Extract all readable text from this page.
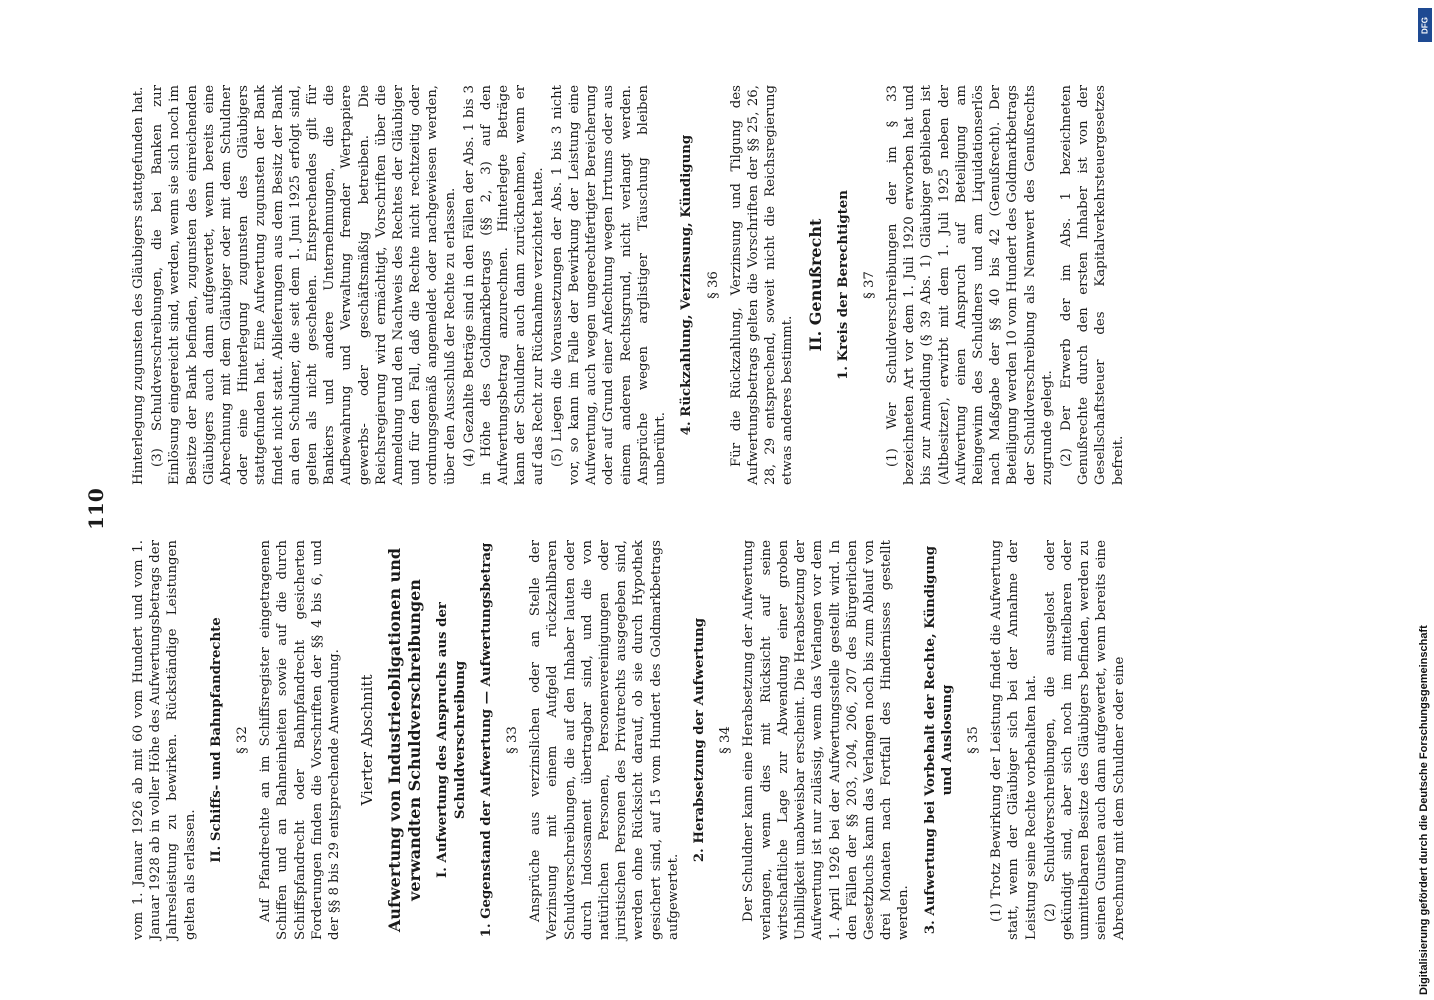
DFG
Digitalisierung gefördert durch die Deutsche Forschungsgemeinschaft
110

vom 1. Januar 1926 ab mit 60 vom Hundert und vom 1. Januar 1928 ab in voller Höhe des Aufwertungsbetrags der Jahresleistung zu bewirken. Rückständige Leistungen gelten als erlassen.

II. Schiffs- und Bahnpfandrechte § 32 Auf Pfandrechte an im Schiffsregister eingetragenen Schiffen und an Bahneinheiten sowie auf die durch Schiffspfandrecht oder Bahnpfandrecht gesicherten Forderungen finden die Vorschriften der §§ 4 bis 6, und der §§ 8 bis 29 entsprechende Anwendung. Vierter Abschnitt Aufwertung von Industrieobligationen und verwandten Schuldverschreibungen I. Aufwertung des Anspruchs aus der Schuldverschreibung 1. Gegenstand der Aufwertung — Aufwertungsbetrag § 33 Ansprüche aus verzinslichen oder an Stelle der Verzinsung mit einem Aufgeld rückzahlbaren Schuldverschreibungen, die auf den Inhaber lauten oder durch Indossament übertragbar sind, und die von natürlichen Personen, Personenvereinigungen oder juristischen Personen des Privatrechts ausgegeben sind, werden ohne Rücksicht darauf, ob sie durch Hypothek gesichert sind, auf 15 vom Hundert des Goldmarkbetrags aufgewertet.

2. Herabsetzung der Aufwertung § 34 Der Schuldner kann eine Herabsetzung der Aufwertung verlangen, wenn dies mit Rücksicht auf seine wirtschaftliche Lage zur Abwendung einer groben Unbilligkeit unabweisbar erscheint. Die Herabsetzung der Aufwertung ist nur zulässig, wenn das Verlangen vor dem 1. April 1926 bei der Aufwertungsstelle gestellt wird. In den Fällen der §§ 203, 204, 206, 207 des Bürgerlichen Gesetzbuchs kann das Verlangen noch bis zum Ablauf von drei Monaten nach Fortfall des Hindernisses gestellt werden. 3. Aufwertung bei Vorbehalt der Rechte, Kündigung und Auslosung § 35 (1) Trotz Bewirkung der Leistung findet die Aufwertung statt, wenn der Gläubiger sich bei der Annahme der Leistung seine Rechte vorbehalten hat. (2) Schuldverschreibungen, die ausgelost oder gekündigt sind, aber sich noch im mittelbaren oder unmittelbaren Besitze des Gläubigers befinden, werden zu seinen Gunsten auch dann aufgewertet, wenn bereits eine Abrechnung mit dem Schuldner oder eine

Hinterlegung zugunsten des Gläubigers stattgefunden hat. (3) Schuldverschreibungen, die bei Banken zur Einlösung eingereicht sind, werden, wenn sie sich noch im Besitze der Bank befinden, zugunsten des einreichenden Gläubigers auch dann aufgewertet, wenn bereits eine Abrechnung mit dem Gläubiger oder mit dem Schuldner oder eine Hinterlegung zugunsten des Gläubigers stattgefunden hat. Eine Aufwertung zugunsten der Bank findet nicht statt. Ablieferungen aus dem Besitz der Bank an den Schuldner, die seit dem 1. Juni 1925 erfolgt sind, gelten als nicht geschehen. Entsprechendes gilt für Bankiers und andere Unternehmungen, die die Aufbewahrung und Verwaltung fremder Wertpapiere gewerbs- oder geschäftsmäßig betreiben. Die Reichsregierung wird ermächtigt, Vorschriften über die Anmeldung und den Nachweis des Rechtes der Gläubiger und für den Fall, daß die Rechte nicht rechtzeitig oder ordnungsgemäß angemeldet oder nachgewiesen werden, über den Ausschluß der Rechte zu erlassen. (4) Gezahlte Beträge sind in den Fällen der Abs. 1 bis 3 in Höhe des Goldmarkbetrags (§§ 2, 3) auf den Aufwertungsbetrag anzurechnen. Hinterlegte Beträge kann der Schuldner auch dann zurücknehmen, wenn er auf das Recht zur Rücknahme verzichtet hatte. (5) Liegen die Voraussetzungen der Abs. 1 bis 3 nicht vor, so kann im Falle der Bewirkung der Leistung eine Aufwertung, auch wegen ungerechtfertigter Bereicherung oder auf Grund einer Anfechtung wegen Irrtums oder aus einem anderen Rechtsgrund, nicht verlangt werden. Ansprüche wegen arglistiger Täuschung bleiben unberührt.

4. Rückzahlung, Verzinsung, Kündigung § 36 Für die Rückzahlung, Verzinsung und Tilgung des Aufwertungsbetrags gelten die Vorschriften der §§ 25, 26, 28, 29 entsprechend, soweit nicht die Reichsregierung etwas anderes bestimmt.

II. Genußrecht 1. Kreis der Berechtigten § 37 (1) Wer Schuldverschreibungen der im § 33 bezeichneten Art vor dem 1. Juli 1920 erworben hat und bis zur Anmeldung (§ 39 Abs. 1) Gläubiger geblieben ist (Altbesitzer), erwirbt mit dem 1. Juli 1925 neben der Aufwertung einen Anspruch auf Beteiligung am Reingewinn des Schuldners und am Liquidationserlös nach Maßgabe der §§ 40 bis 42 (Genußrecht). Der Beteiligung werden 10 vom Hundert des Goldmarkbetrags der Schuldverschreibung als Nennwert des Genußrechts zugrunde gelegt. (2) Der Erwerb der im Abs. 1 bezeichneten Genußrechte durch den ersten Inhaber ist von der Gesellschaftsteuer des Kapitalverkehrsteuergesetzes befreit.
